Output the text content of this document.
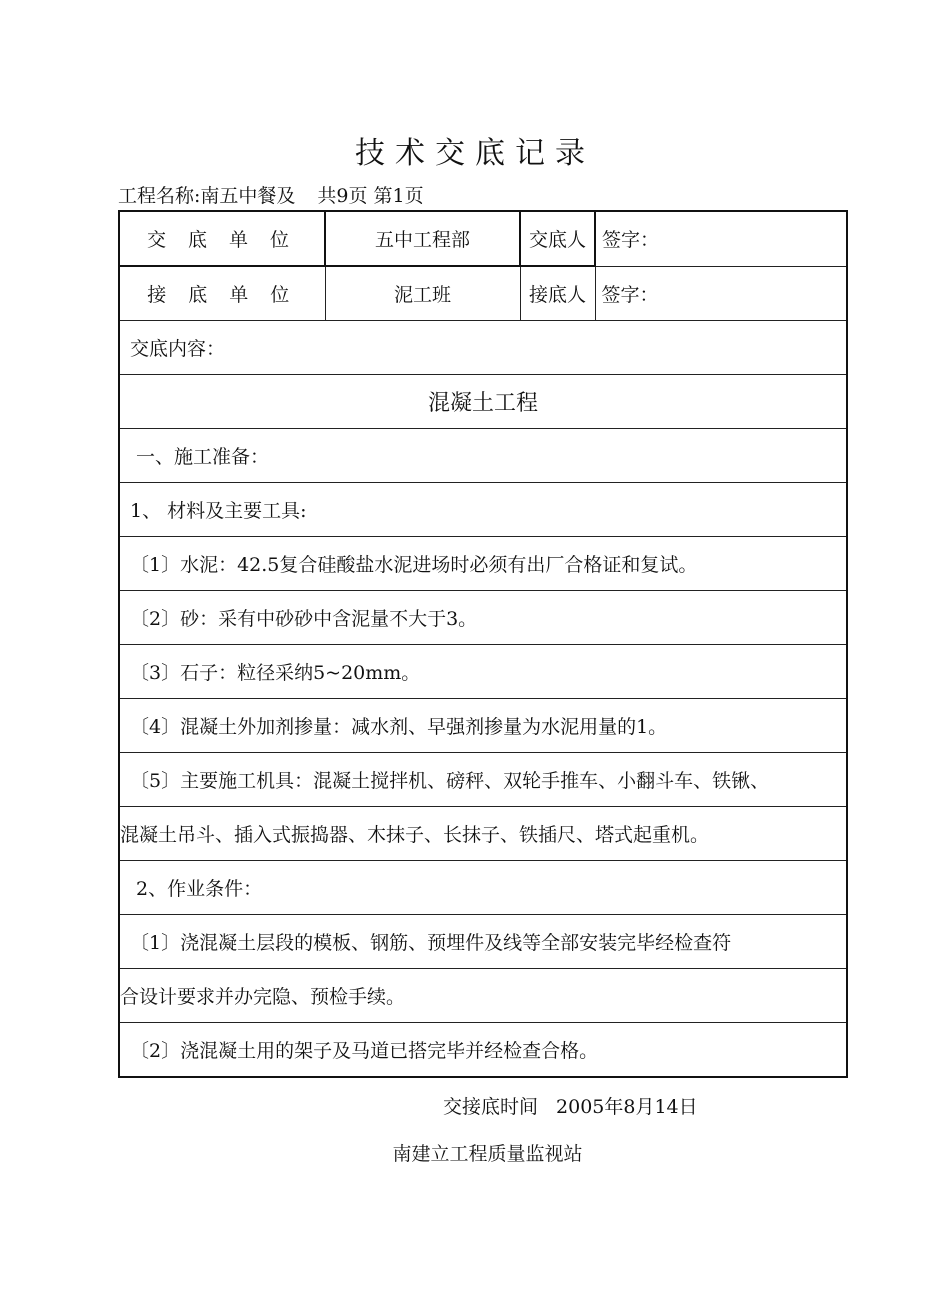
技术交底记录
工程名称:南五中餐及 共9页 第1页
交 底 单 位	五中工程部	交底人	签字：
接 底 单 位	泥工班	接底人	签字：
交底内容：			
混凝土工程			
一、施工准备：			
1、 材料及主要工具:			
〔1〕水泥：42.5复合硅酸盐水泥进场时必须有出厂合格证和复试。			
〔2〕砂：采有中砂砂中含泥量不大于3。			
〔3〕石子：粒径采纳5~20mm。			
〔4〕混凝土外加剂掺量：减水剂、早强剂掺量为水泥用量的1。			
〔5〕主要施工机具：混凝土搅拌机、磅秤、双轮手推车、小翻斗车、铁锹、			
混凝土吊斗、插入式振捣器、木抹子、长抹子、铁插尺、塔式起重机。			
2、作业条件：			
〔1〕浇混凝土层段的模板、钢筋、预埋件及线等全部安装完毕经检查符			
合设计要求并办完隐、预检手续。			
〔2〕浇混凝土用的架子及马道已搭完毕并经检查合格。			
交接底时间 2005年8月14日
南建立工程质量监视站
